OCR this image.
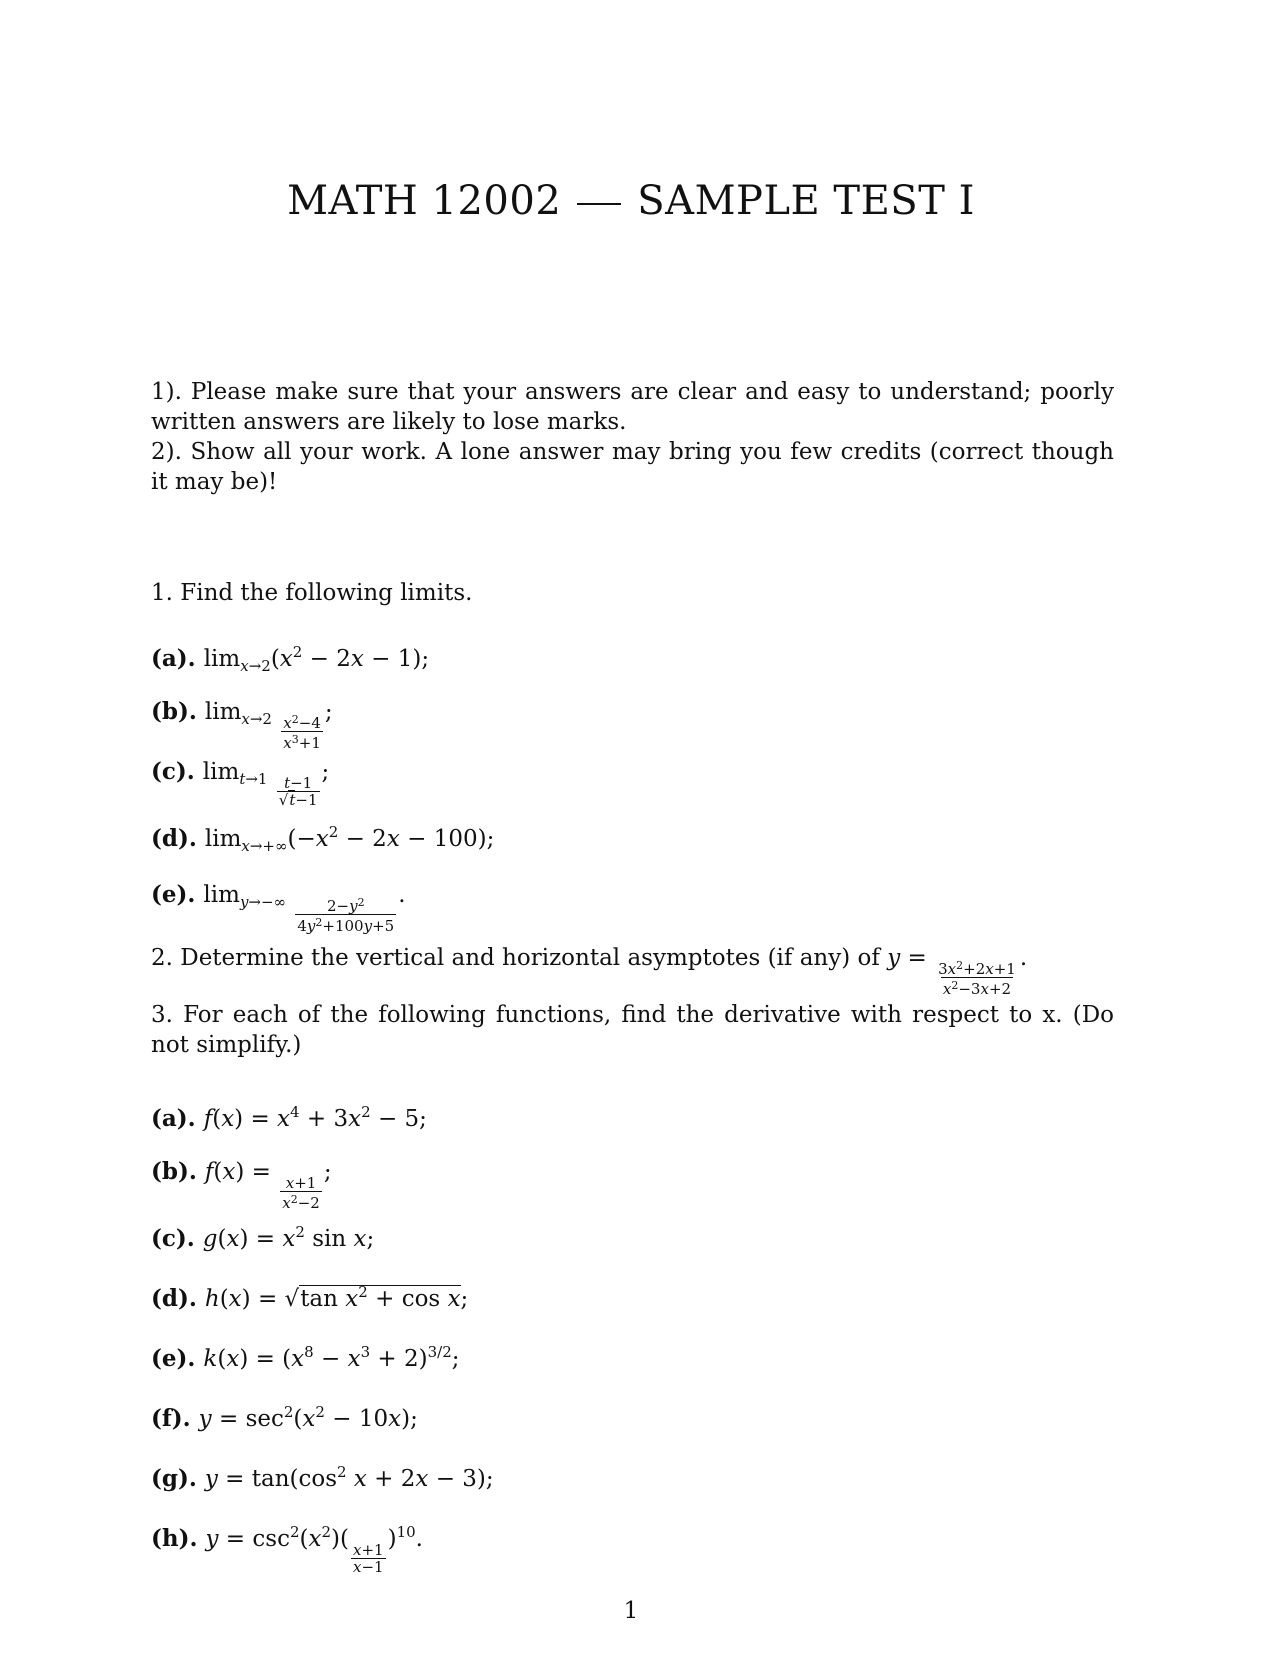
MATH 12002 SAMPLE TEST I
1). Please make sure that your answers are clear and easy to understand; poorly written answers are likely to lose marks.
2). Show all your work. A lone answer may bring you few credits (correct though it may be)!
1. Find the following limits.
(a). $\lim_{x\to 2}(x^2 - 2x - 1)$;
(b). $\lim_{x\to 2} \frac{x^2-4}{x^3+1}$ ;
(c). $\lim_{t\to 1} \frac{t-1}{√t-1}$
;
(d). $\lim_{x\to+\infty}(-x^2 - 2x - 100)$;
(e). $\lim_{y\to-\infty} \frac{2-y^2}{4y^2+100y+5}$ .
2. Determine the vertical and horizontal asymptotes (if any) of $y = \frac{3x^2+2x+1}{x^2-3x+2}$ .
3. For each of the following functions, find the derivative with respect to x. (Do not simplify.)
(a). $f(x) = x^4 + 3x^2 - 5$;
(b). f(x) =
$\frac{x+1}{x^2-2}$
;
(c). $g(x) = x^2$ sin x;
(d). h(x) = √tan $x^2 + \cos x$;
(e). $k(x) = (x^8 - x^3 + 2)^{3/2}$;
(f). $y = \sec^2(x^2 - 10x)$;
(g). $y = \tan(\cos^2$ x + 2x − 3);
(h). $y = \csc^2(x^2)$(
$\frac{x+1}{x-1}$
)$^{10}$.
1
